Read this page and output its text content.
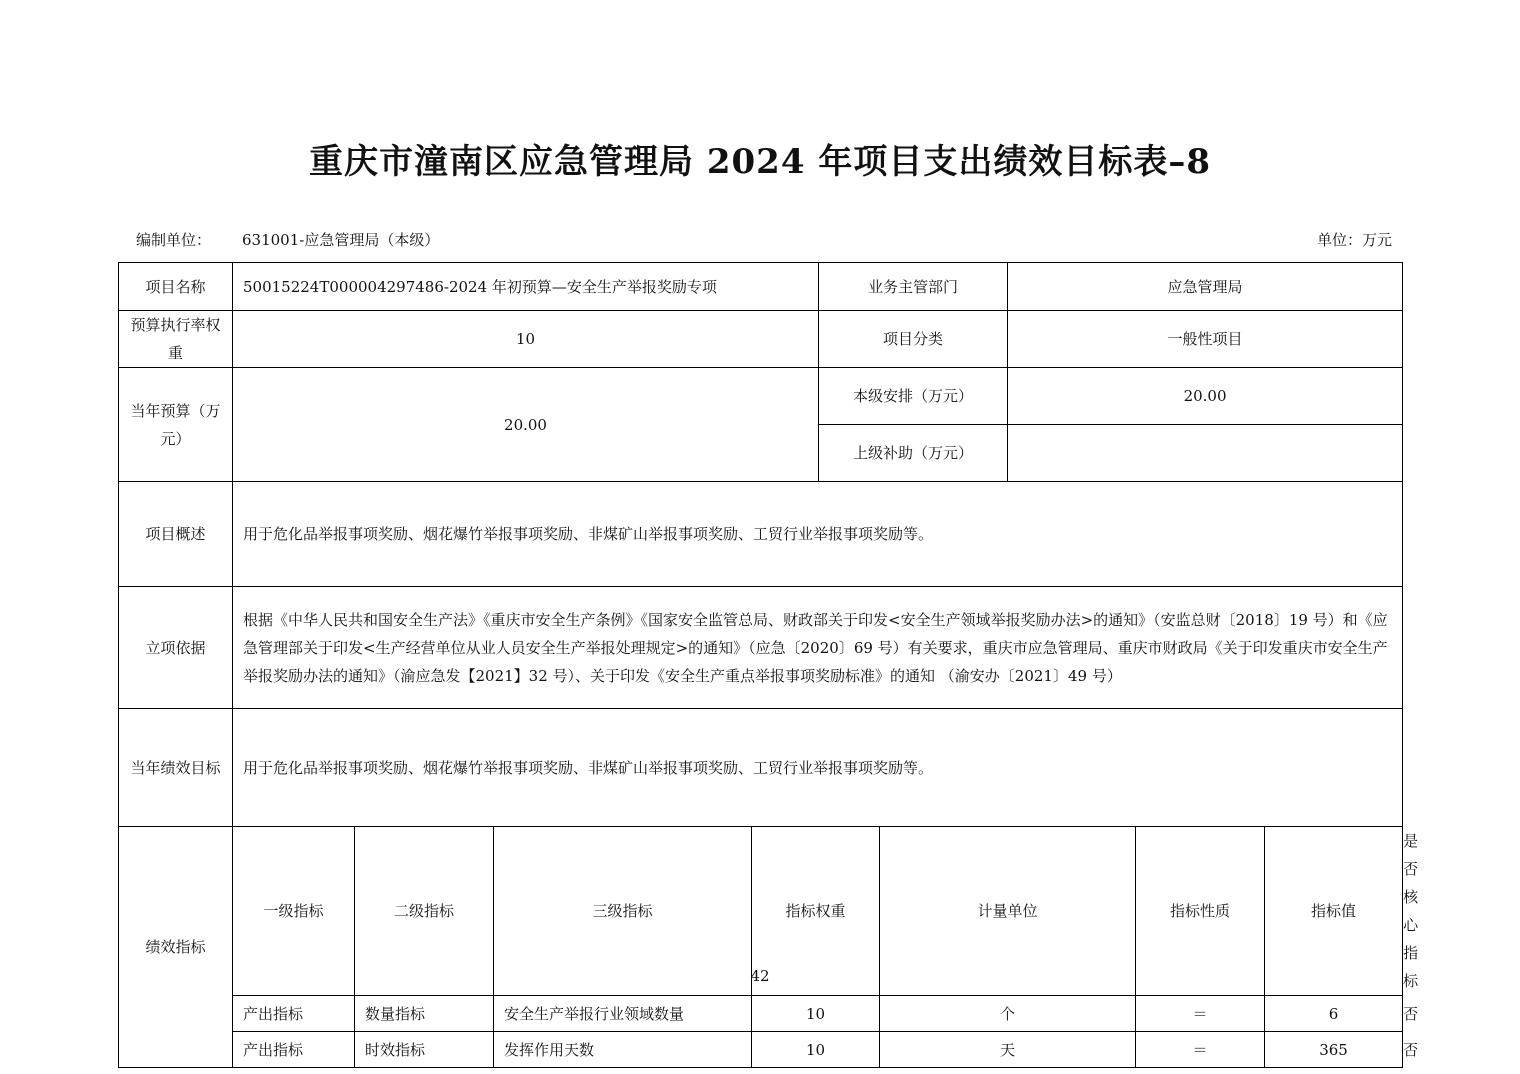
重庆市潼南区应急管理局 2024 年项目支出绩效目标表–8
编制单位： 631001-应急管理局（本级）	单位：万元
项目名称	50015224T000004297486-2024 年初预算—安全生产举报奖励专项				业务主管部门		应急管理局			
预算执行率权重	10				项目分类		一般性项目			
当年预算（万元）	20.00				本级安排（万元）		20.00			
					上级补助（万元）					
项目概述	用于危化品举报事项奖励、烟花爆竹举报事项奖励、非煤矿山举报事项奖励、工贸行业举报事项奖励等。									
立项依据	根据《中华人民共和国安全生产法》《重庆市安全生产条例》《国家安全监管总局、财政部关于印发<安全生产领域举报奖励办法>的通知》（安监总财〔2018〕19 号）和《应急管理部关于印发<生产经营单位从业人员安全生产举报处理规定>的通知》（应急〔2020〕69 号）有关要求，重庆市应急管理局、重庆市财政局《关于印发重庆市安全生产举报奖励办法的通知》（渝应急发【2021】32 号）、关于印发《安全生产重点举报事项奖励标准》的通知 （渝安办〔2021〕49 号）									
当年绩效目标	用于危化品举报事项奖励、烟花爆竹举报事项奖励、非煤矿山举报事项奖励、工贸行业举报事项奖励等。									
绩效指标	一级指标	二级指标	三级指标	指标权重		计量单位		指标性质	指标值	是否核心指标
	产出指标	数量指标	安全生产举报行业领域数量	10		个		＝	6	否
	产出指标	时效指标	发挥作用天数	10		天		＝	365	否
42
